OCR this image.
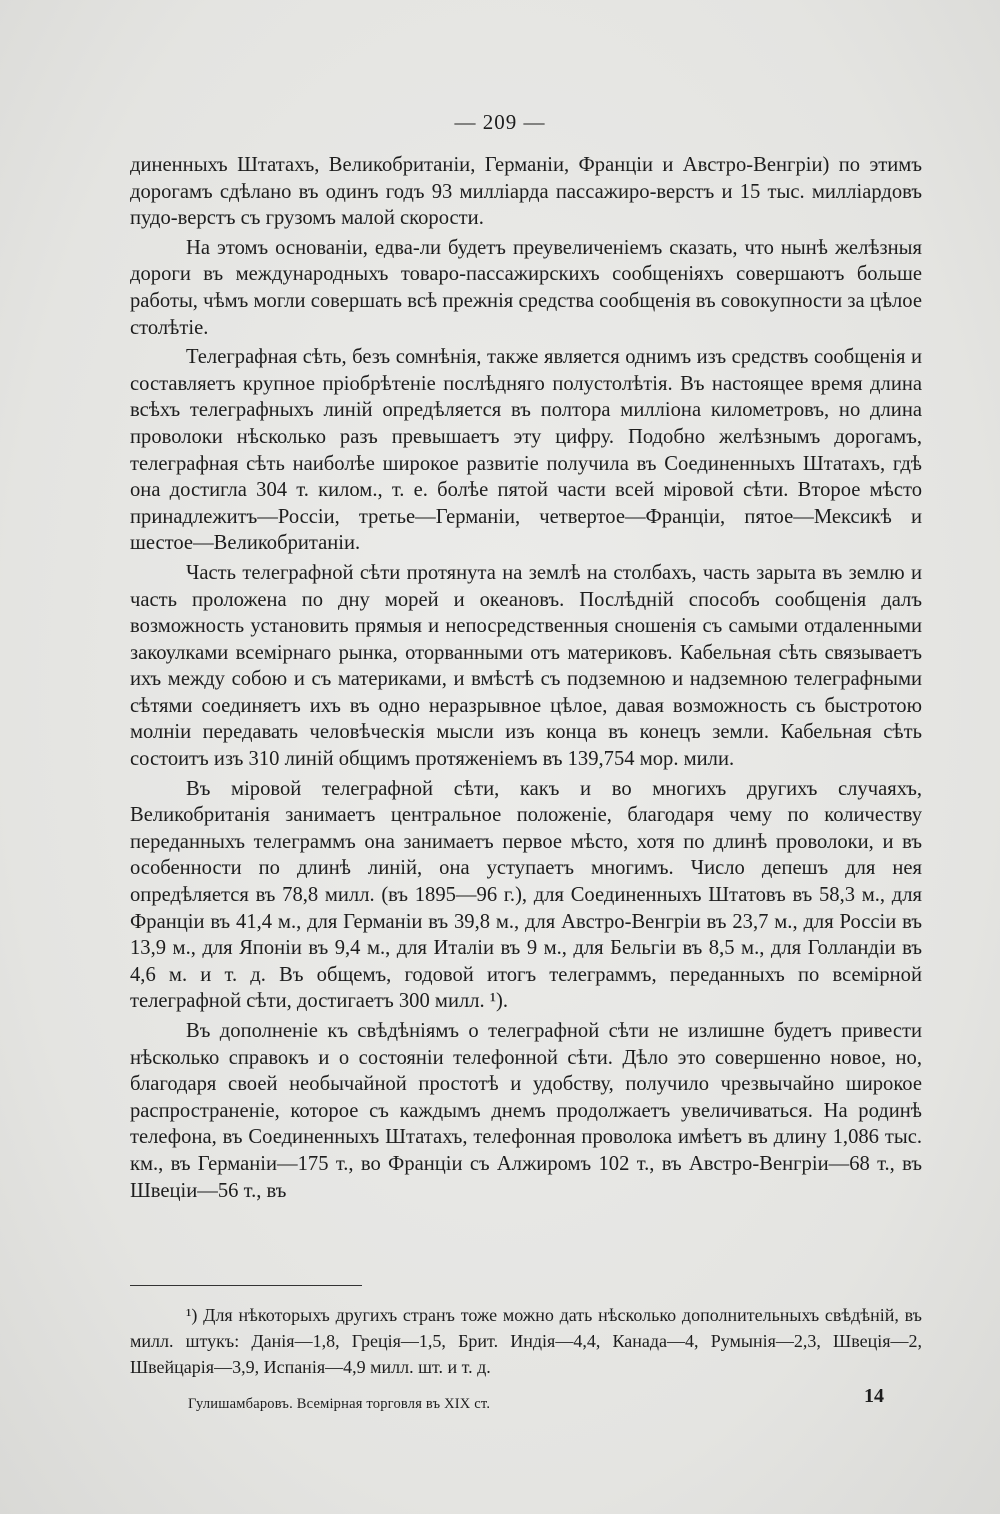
— 209 —

диненныхъ Штатахъ, Великобританiи, Германiи, Францiи и Австро-Венгрiи) по этимъ дорогамъ сдѣлано въ одинъ годъ 93 миллiарда пассажиро-верстъ и 15 тыс. миллiардовъ пудо-верстъ съ грузомъ малой скорости.

На этомъ основанiи, едва-ли будетъ преувеличенiемъ сказать, что нынѣ желѣзныя дороги въ международныхъ товаро-пассажирскихъ сообщенiяхъ совершаютъ больше работы, чѣмъ могли совершать всѣ прежнiя средства сообщенiя въ совокупности за цѣлое столѣтiе.

Телеграфная сѣть, безъ сомнѣнiя, также является однимъ изъ средствъ сообщенiя и составляетъ крупное прiобрѣтенiе послѣдняго полустолѣтiя. Въ настоящее время длина всѣхъ телеграфныхъ линiй опредѣляется въ полтора миллiона километровъ, но длина проволоки нѣсколько разъ превышаетъ эту цифру. Подобно желѣзнымъ дорогамъ, телеграфная сѣть наиболѣе широкое развитiе получила въ Соединенныхъ Штатахъ, гдѣ она достигла 304 т. килом., т. е. болѣе пятой части всей мiровой сѣти. Второе мѣсто принадлежитъ—Россiи, третье—Германiи, четвертое—Францiи, пятое—Мексикѣ и шестое—Великобританiи.

Часть телеграфной сѣти протянута на землѣ на столбахъ, часть зарыта въ землю и часть проложена по дну морей и океановъ. Послѣднiй способъ сообщенiя далъ возможность установить прямыя и непосредственныя сношенiя съ самыми отдаленными закоулками всемiрнаго рынка, оторванными отъ материковъ. Кабельная сѣть связываетъ ихъ между собою и съ материками, и вмѣстѣ съ подземною и надземною телеграфными сѣтями соединяетъ ихъ въ одно неразрывное цѣлое, давая возможность съ быстротою молнiи передавать человѣческiя мысли изъ конца въ конецъ земли. Кабельная сѣть состоитъ изъ 310 линiй общимъ протяженiемъ въ 139,754 мор. мили.

Въ мiровой телеграфной сѣти, какъ и во многихъ другихъ случаяхъ, Великобританiя занимаетъ центральное положенiе, благодаря чему по количеству переданныхъ телеграммъ она занимаетъ первое мѣсто, хотя по длинѣ проволоки, и въ особенности по длинѣ линiй, она уступаетъ многимъ. Число депешъ для нея опредѣляется въ 78,8 милл. (въ 1895—96 г.), для Соединенныхъ Штатовъ въ 58,3 м., для Францiи въ 41,4 м., для Германiи въ 39,8 м., для Австро-Венгрiи въ 23,7 м., для Россiи въ 13,9 м., для Японiи въ 9,4 м., для Италiи въ 9 м., для Бельгiи въ 8,5 м., для Голландiи въ 4,6 м. и т. д. Въ общемъ, годовой итогъ телеграммъ, переданныхъ по всемiрной телеграфной сѣти, достигаетъ 300 милл. ¹).

Въ дополненiе къ свѣдѣнiямъ о телеграфной сѣти не излишне будетъ привести нѣсколько справокъ и о состоянiи телефонной сѣти. Дѣло это совершенно новое, но, благодаря своей необычайной простотѣ и удобству, получило чрезвычайно широкое распространенiе, которое съ каждымъ днемъ продолжаетъ увеличиваться. На родинѣ телефона, въ Соединенныхъ Штатахъ, телефонная проволока имѣетъ въ длину 1,086 тыс. км., въ Германiи—175 т., во Францiи съ Алжиромъ 102 т., въ Австро-Венгрiи—68 т., въ Швецiи—56 т., въ

¹) Для нѣкоторыхъ другихъ странъ тоже можно дать нѣсколько дополнительныхъ свѣдѣнiй, въ милл. штукъ: Данiя—1,8, Грецiя—1,5, Брит. Индiя—4,4, Канада—4, Румынiя—2,3, Швецiя—2, Швейцарiя—3,9, Испанiя—4,9 милл. шт. и т. д.

Гулишамбаровъ. Всемiрная торговля въ XIX ст.	14
